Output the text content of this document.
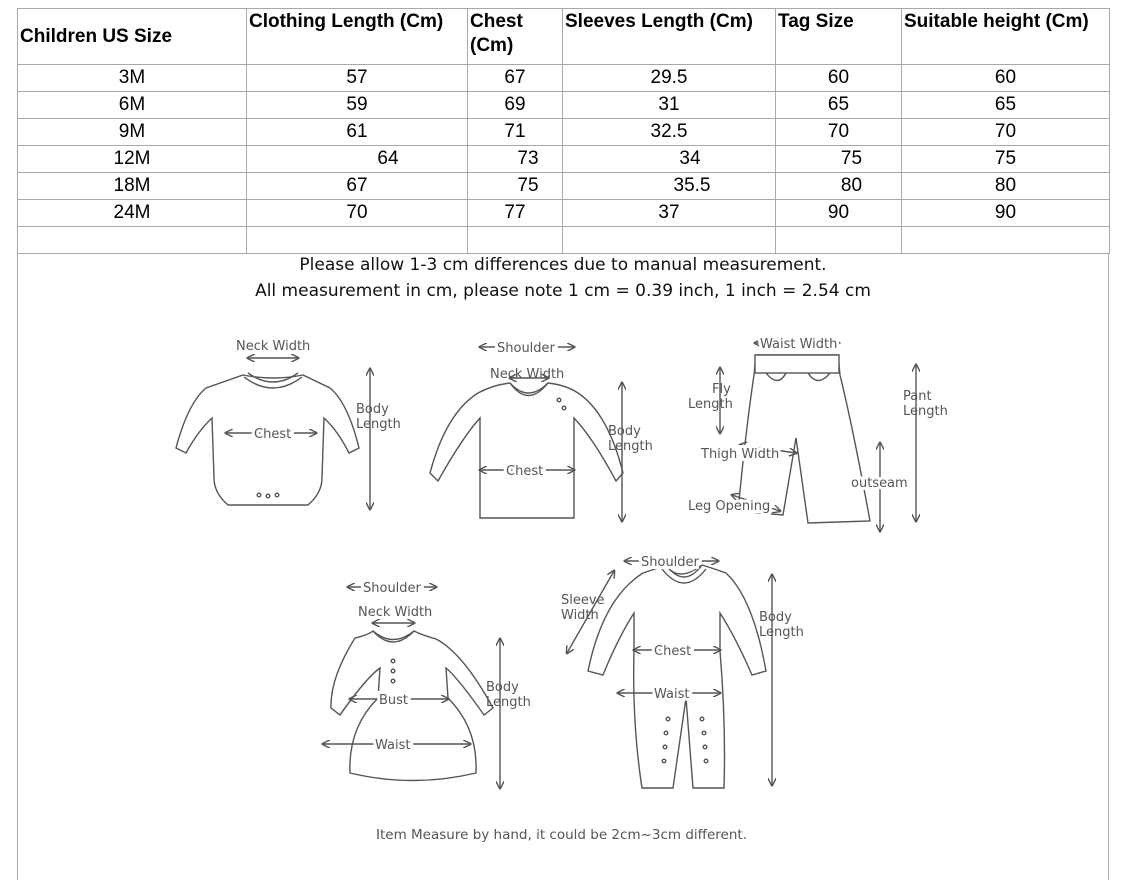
Children US Size	Clothing Length (Cm)	Chest (Cm)	Sleeves Length (Cm)	Tag Size	Suitable height (Cm)
3M	57	67	29.5	60	60
6M	59	69	31	65	65
9M	61	71	32.5	70	70
12M	64	73	34	75	75
18M	67	75	35.5	80	80
24M	70	77	37	90	90

Please allow 1-3 cm differences due to manual measurement.
All measurement in cm, please note 1 cm = 0.39 inch, 1 inch = 2.54 cm
Neck Width
Chest
Body
Length
Shoulder
Neck Width
Chest
Body
Length
Waist Width
Fly
Length
Pant
Length
Thigh Width
outseam
Leg Opening
Shoulder
Neck Width
Bust
Waist
Body
Length
Shoulder
Sleeve
Width
Chest
Waist
Body
Length
Item Measure by hand, it could be 2cm~3cm different.
